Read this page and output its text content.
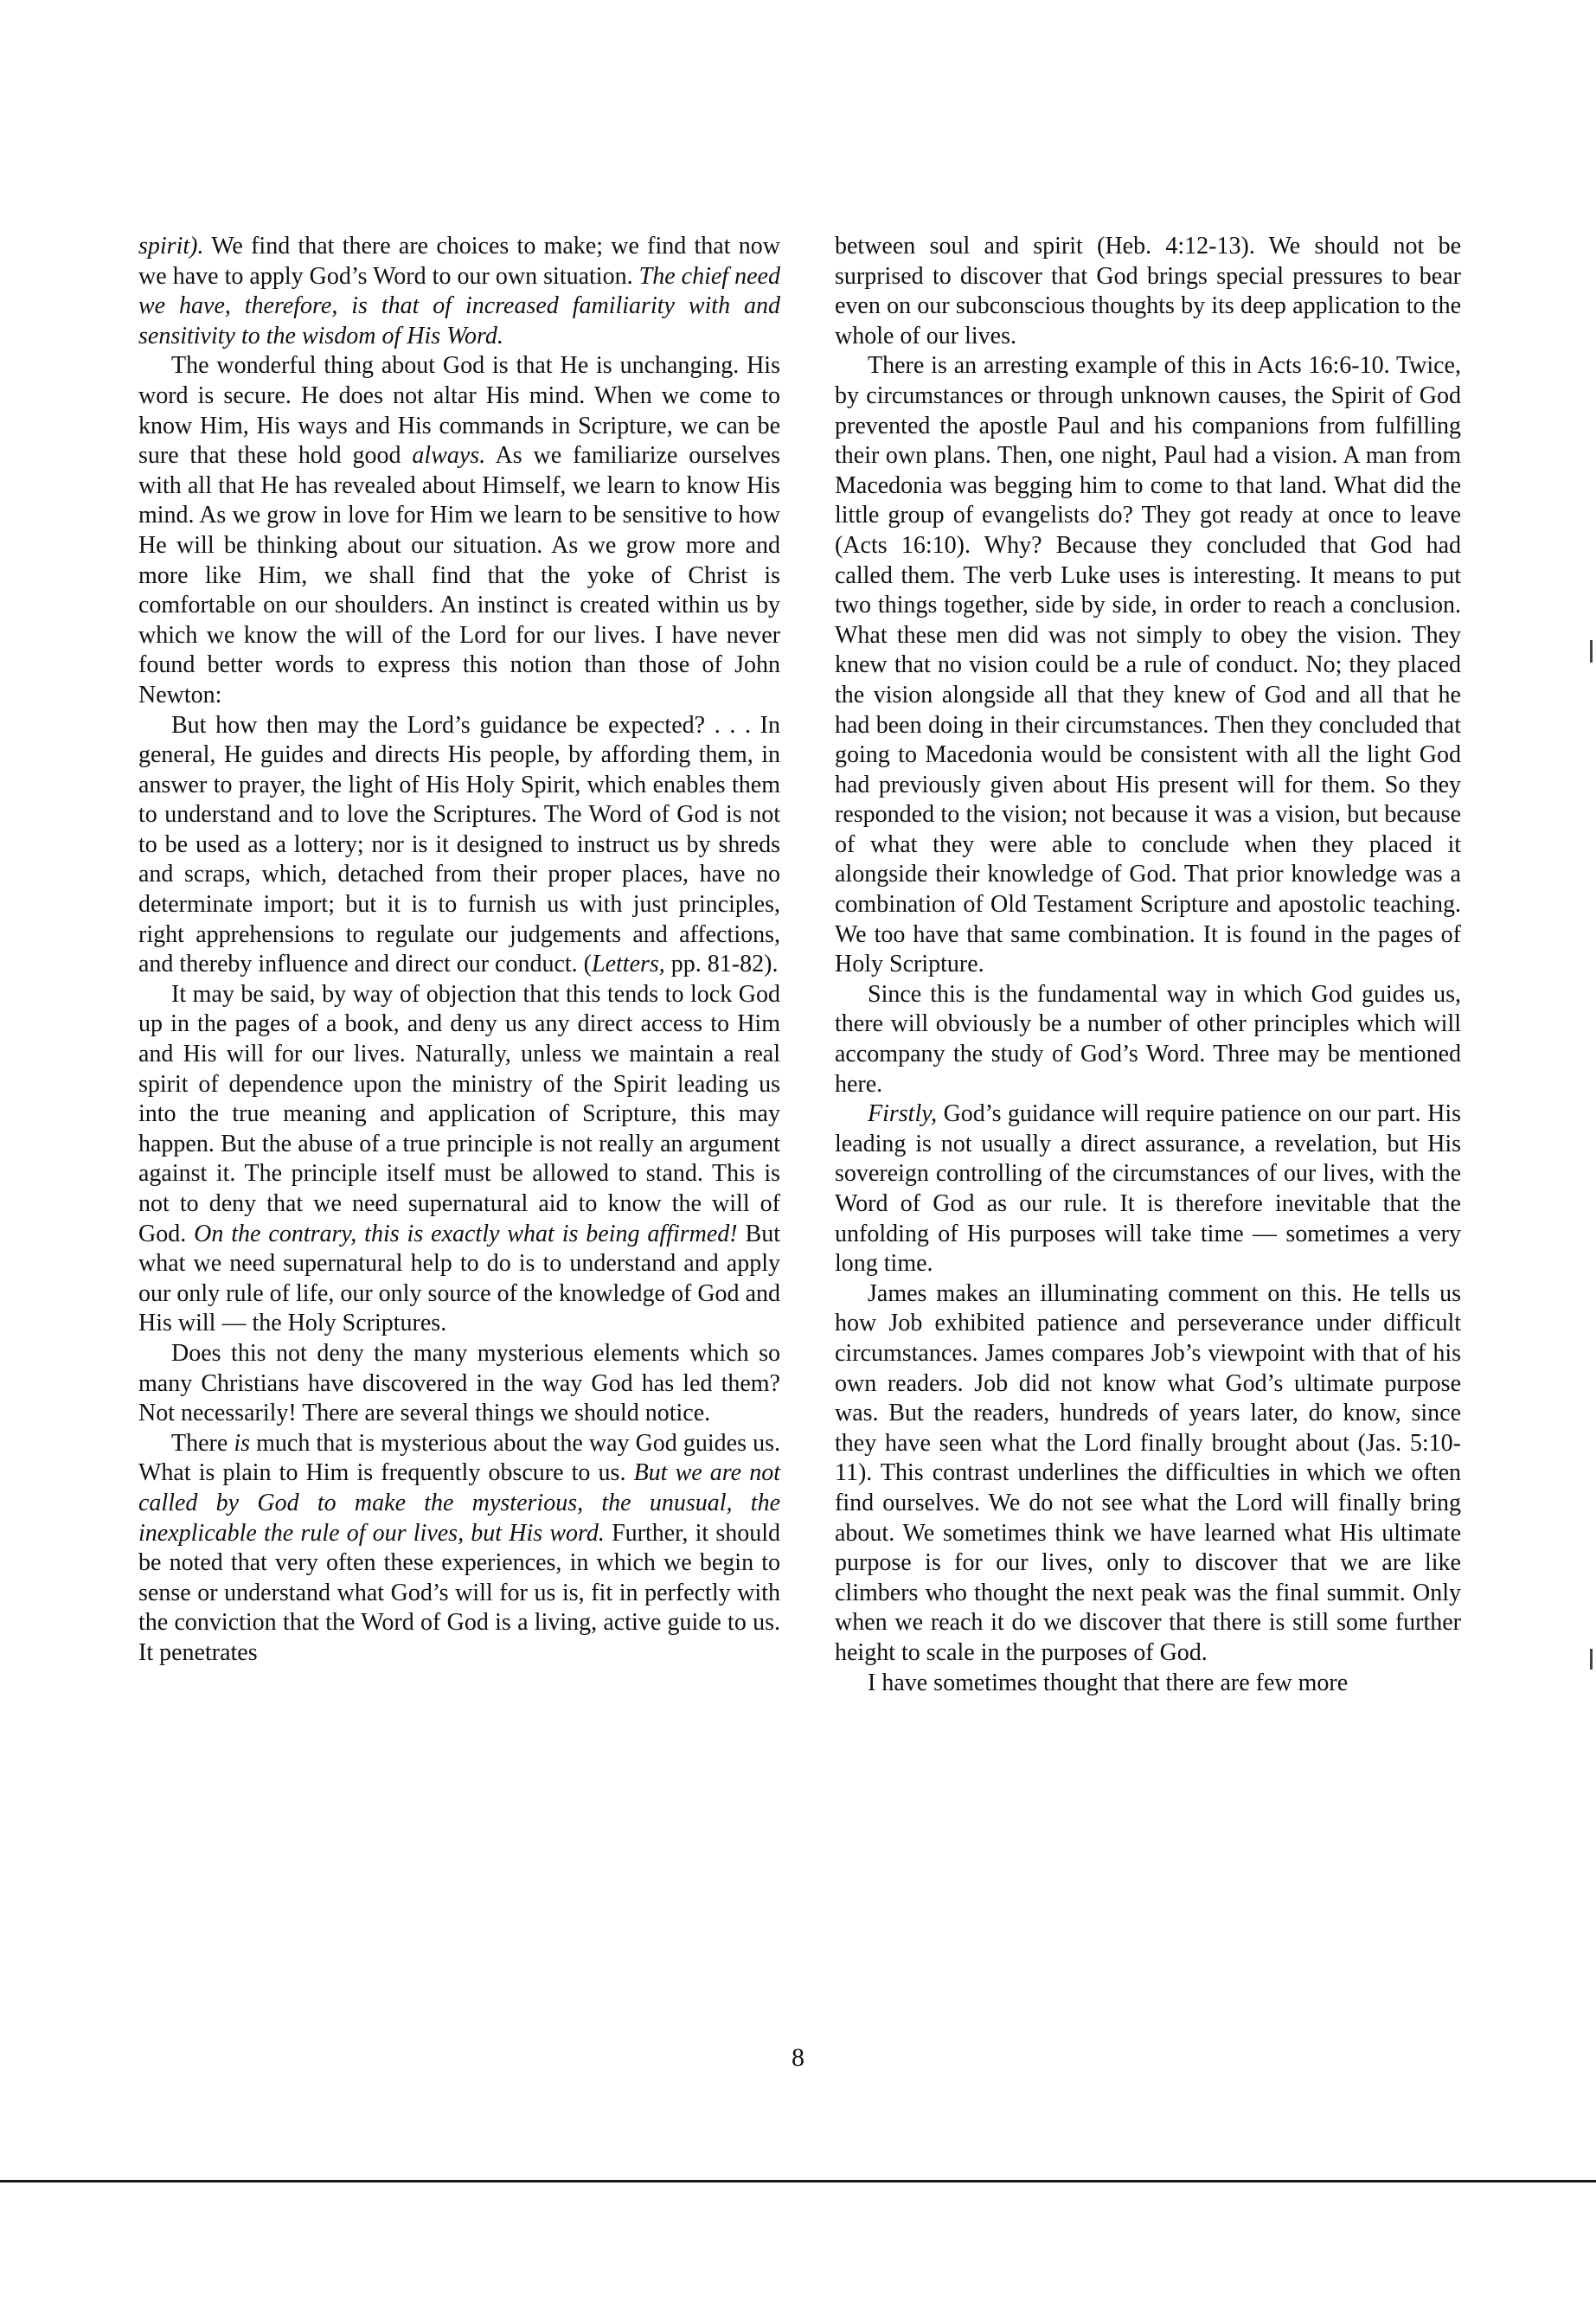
spirit). We find that there are choices to make; we find that now we have to apply God’s Word to our own situation. The chief need we have, therefore, is that of increased familiarity with and sensitivity to the wisdom of His Word.

The wonderful thing about God is that He is unchanging. His word is secure. He does not altar His mind. When we come to know Him, His ways and His commands in Scripture, we can be sure that these hold good always. As we familiarize ourselves with all that He has revealed about Himself, we learn to know His mind. As we grow in love for Him we learn to be sensitive to how He will be thinking about our situation. As we grow more and more like Him, we shall find that the yoke of Christ is comfortable on our shoulders. An instinct is created within us by which we know the will of the Lord for our lives. I have never found better words to express this notion than those of John Newton:

But how then may the Lord’s guidance be expected? . . . In general, He guides and directs His people, by affording them, in answer to prayer, the light of His Holy Spirit, which enables them to understand and to love the Scriptures. The Word of God is not to be used as a lottery; nor is it designed to instruct us by shreds and scraps, which, detached from their proper places, have no determinate import; but it is to furnish us with just principles, right apprehensions to regulate our judgements and affections, and thereby influence and direct our conduct. (Letters, pp. 81-82).

It may be said, by way of objection that this tends to lock God up in the pages of a book, and deny us any direct access to Him and His will for our lives. Naturally, unless we maintain a real spirit of dependence upon the ministry of the Spirit leading us into the true meaning and application of Scripture, this may happen. But the abuse of a true principle is not really an argument against it. The principle itself must be allowed to stand. This is not to deny that we need supernatural aid to know the will of God. On the contrary, this is exactly what is being affirmed! But what we need supernatural help to do is to understand and apply our only rule of life, our only source of the knowledge of God and His will — the Holy Scriptures.

Does this not deny the many mysterious elements which so many Christians have discovered in the way God has led them? Not necessarily! There are several things we should notice.

There is much that is mysterious about the way God guides us. What is plain to Him is frequently obscure to us. But we are not called by God to make the mysterious, the unusual, the inexplicable the rule of our lives, but His word. Further, it should be noted that very often these experiences, in which we begin to sense or understand what God’s will for us is, fit in perfectly with the conviction that the Word of God is a living, active guide to us. It penetrates

between soul and spirit (Heb. 4:12-13). We should not be surprised to discover that God brings special pressures to bear even on our subconscious thoughts by its deep application to the whole of our lives.

There is an arresting example of this in Acts 16:6-10. Twice, by circumstances or through unknown causes, the Spirit of God prevented the apostle Paul and his companions from fulfilling their own plans. Then, one night, Paul had a vision. A man from Macedonia was begging him to come to that land. What did the little group of evangelists do? They got ready at once to leave (Acts 16:10). Why? Because they concluded that God had called them. The verb Luke uses is interesting. It means to put two things together, side by side, in order to reach a conclusion. What these men did was not simply to obey the vision. They knew that no vision could be a rule of conduct. No; they placed the vision alongside all that they knew of God and all that he had been doing in their circumstances. Then they concluded that going to Macedonia would be consistent with all the light God had previously given about His present will for them. So they responded to the vision; not because it was a vision, but because of what they were able to conclude when they placed it alongside their knowledge of God. That prior knowledge was a combination of Old Testament Scripture and apostolic teaching. We too have that same combination. It is found in the pages of Holy Scripture.

Since this is the fundamental way in which God guides us, there will obviously be a number of other principles which will accompany the study of God’s Word. Three may be mentioned here.

Firstly, God’s guidance will require patience on our part. His leading is not usually a direct assurance, a revelation, but His sovereign controlling of the circumstances of our lives, with the Word of God as our rule. It is therefore inevitable that the unfolding of His purposes will take time — sometimes a very long time.

James makes an illuminating comment on this. He tells us how Job exhibited patience and perseverance under difficult circumstances. James compares Job’s viewpoint with that of his own readers. Job did not know what God’s ultimate purpose was. But the readers, hundreds of years later, do know, since they have seen what the Lord finally brought about (Jas. 5:10-11). This contrast underlines the difficulties in which we often find ourselves. We do not see what the Lord will finally bring about. We sometimes think we have learned what His ultimate purpose is for our lives, only to discover that we are like climbers who thought the next peak was the final summit. Only when we reach it do we discover that there is still some further height to scale in the purposes of God.

I have sometimes thought that there are few more

8
